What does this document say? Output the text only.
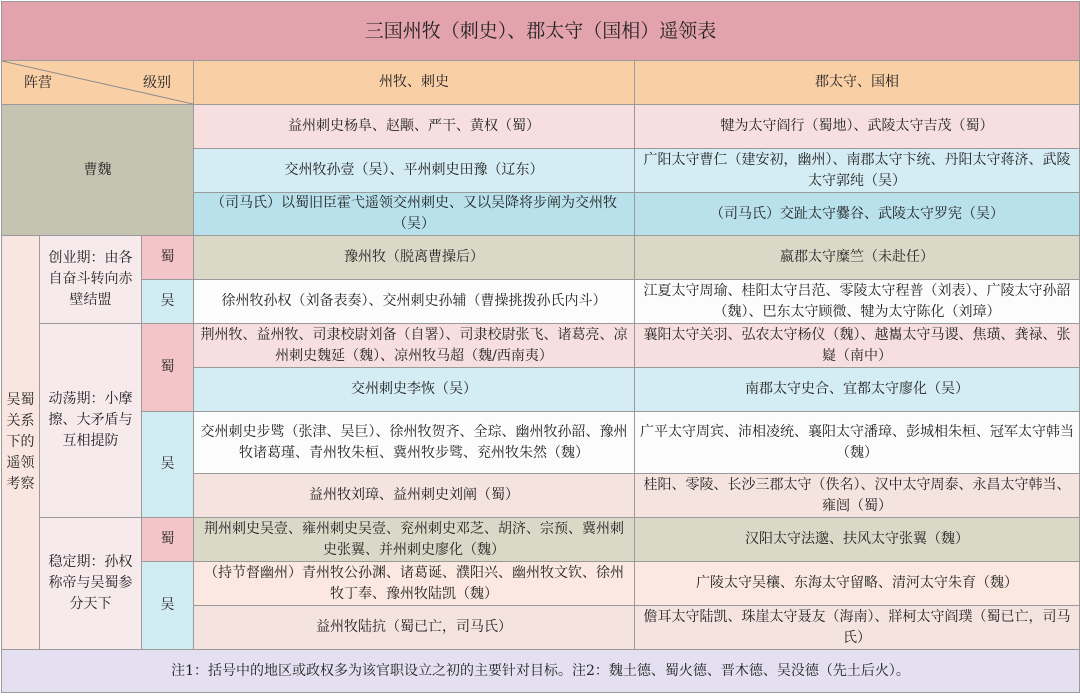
三国州牧（刺史）、郡太守（国相）遥领表				

阵营 级别			州牧、刺史	郡太守、国相
曹魏			益州刺史杨阜、赵颙、严干、黄权（蜀）	犍为太守阎行（蜀地）、武陵太守吉茂（蜀）
			交州牧孙壹（吴）、平州刺史田豫（辽东）	广阳太守曹仁（建安初，幽州）、南郡太守卞统、丹阳太守蒋济、武陵太守郭纯（吴）
			（司马氏）以蜀旧臣霍弋遥领交州刺史、又以吴降将步阐为交州牧（吴）	（司马氏）交趾太守爨谷、武陵太守罗宪（吴）
吴蜀关系下的遥领考察	创业期：由各自奋斗转向赤壁结盟	蜀	豫州牧（脱离曹操后）	嬴郡太守糜竺（未赴任）
		吴	徐州牧孙权（刘备表奏）、交州刺史孙辅（曹操挑拨孙氏内斗）	江夏太守周瑜、桂阳太守吕范、零陵太守程普（刘表）、广陵太守孙韶（魏）、巴东太守顾微、犍为太守陈化（刘璋）
	动荡期：小摩擦、大矛盾与互相提防	蜀	荆州牧、益州牧、司隶校尉刘备（自署）、司隶校尉张飞、诸葛亮、凉州刺史魏延（魏）、凉州牧马超（魏/西南夷）	襄阳太守关羽、弘农太守杨仪（魏）、越巂太守马谡、焦璜、龚禄、张嶷（南中）
			交州刺史李恢（吴）	南郡太守史合、宜都太守廖化（吴）
		吴	交州刺史步骘（张津、吴巨）、徐州牧贺齐、全琮、幽州牧孙韶、豫州牧诸葛瑾、青州牧朱桓、冀州牧步骘、兖州牧朱然（魏）	广平太守周宾、沛相凌统、襄阳太守潘璋、彭城相朱桓、冠军太守韩当（魏）
			益州牧刘璋、益州刺史刘阐（蜀）	桂阳、零陵、长沙三郡太守（佚名）、汉中太守周泰、永昌太守韩当、雍闿（蜀）
	稳定期：孙权称帝与吴蜀参分天下	蜀	荆州刺史吴壹、雍州刺史吴壹、兖州刺史邓芝、胡济、宗预、冀州刺史张翼、并州刺史廖化（魏）	汉阳太守法邈、扶风太守张翼（魏）
		吴	（持节督幽州）青州牧公孙渊、诸葛诞、濮阳兴、幽州牧文钦、徐州牧丁奉、豫州牧陆凯（魏）	广陵太守吴穰、东海太守留略、清河太守朱育（魏）
			益州牧陆抗（蜀已亡，司马氏）	儋耳太守陆凯、珠崖太守聂友（海南）、牂柯太守阎璞（蜀已亡，司马氏）
注1：括号中的地区或政权多为该官职设立之初的主要针对目标。注2：魏土德、蜀火德、晋木德、吴没德（先土后火）。				
